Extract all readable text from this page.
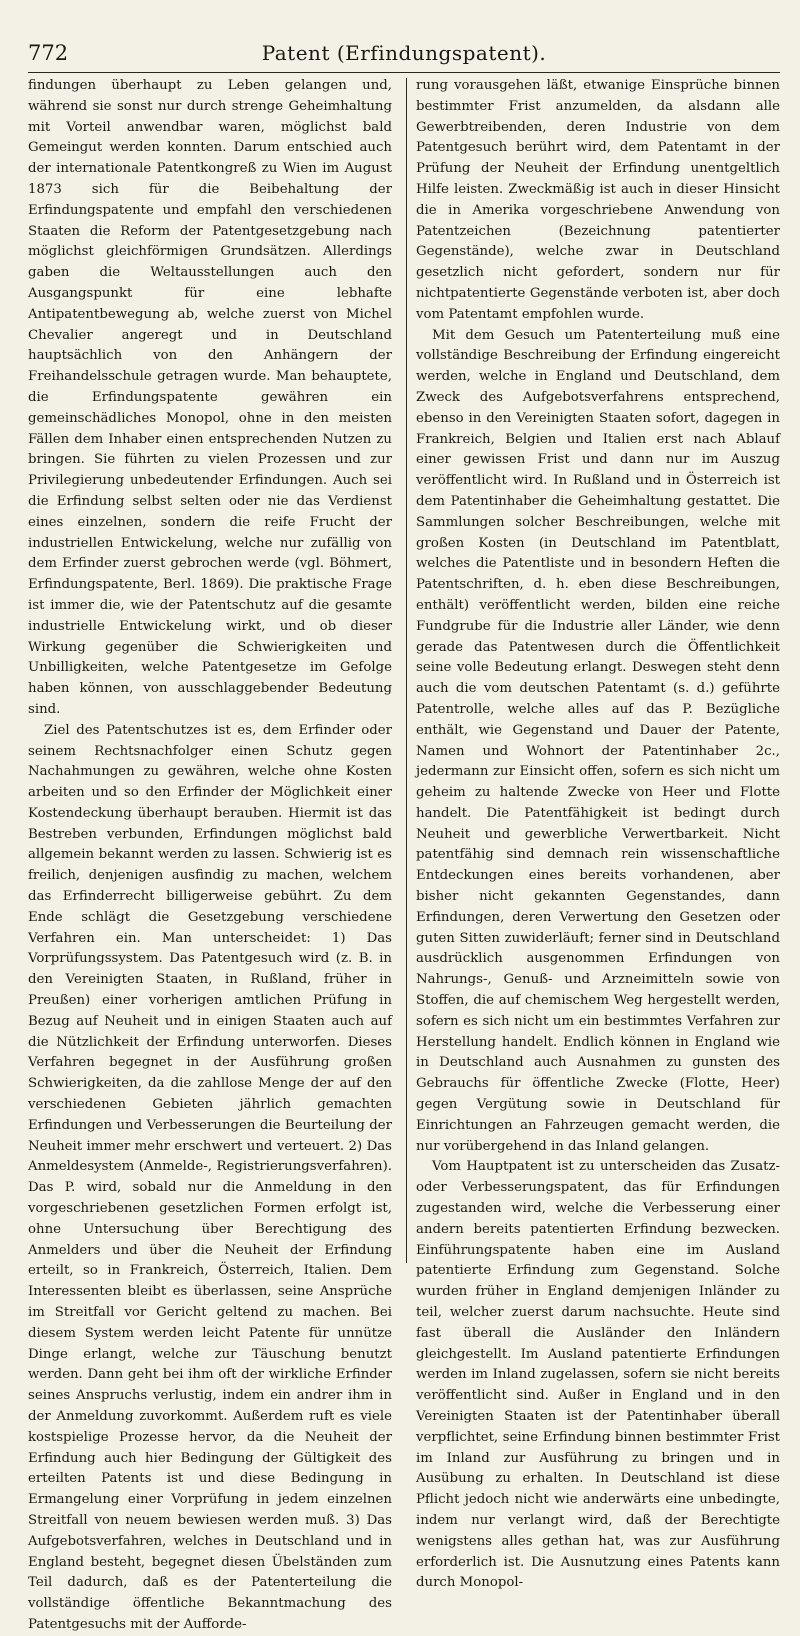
772	Patent (Erfindungspatent).

findungen überhaupt zu Leben gelangen und, während sie sonst nur durch strenge Geheimhaltung mit Vorteil anwendbar waren, möglichst bald Gemeingut werden konnten. Darum entschied auch der internationale Patentkongreß zu Wien im August 1873 sich für die Beibehaltung der Erfindungspatente und empfahl den verschiedenen Staaten die Reform der Patentgesetzgebung nach möglichst gleichförmigen Grundsätzen. Allerdings gaben die Weltausstellungen auch den Ausgangspunkt für eine lebhafte Antipatentbewegung ab, welche zuerst von Michel Chevalier angeregt und in Deutschland hauptsächlich von den Anhängern der Freihandelsschule getragen wurde. Man behauptete, die Erfindungspatente gewähren ein gemeinschädliches Monopol, ohne in den meisten Fällen dem Inhaber einen entsprechenden Nutzen zu bringen. Sie führten zu vielen Prozessen und zur Privilegierung unbedeutender Erfindungen. Auch sei die Erfindung selbst selten oder nie das Verdienst eines einzelnen, sondern die reife Frucht der industriellen Entwickelung, welche nur zufällig von dem Erfinder zuerst gebrochen werde (vgl. Böhmert, Erfindungspatente, Berl. 1869). Die praktische Frage ist immer die, wie der Patentschutz auf die gesamte industrielle Entwickelung wirkt, und ob dieser Wirkung gegenüber die Schwierigkeiten und Unbilligkeiten, welche Patentgesetze im Gefolge haben können, von ausschlaggebender Bedeutung sind.

Ziel des Patentschutzes ist es, dem Erfinder oder seinem Rechtsnachfolger einen Schutz gegen Nachahmungen zu gewähren, welche ohne Kosten arbeiten und so den Erfinder der Möglichkeit einer Kostendeckung überhaupt berauben. Hiermit ist das Bestreben verbunden, Erfindungen möglichst bald allgemein bekannt werden zu lassen. Schwierig ist es freilich, denjenigen ausfindig zu machen, welchem das Erfinderrecht billigerweise gebührt. Zu dem Ende schlägt die Gesetzgebung verschiedene Verfahren ein. Man unterscheidet: 1) Das Vorprüfungssystem. Das Patentgesuch wird (z. B. in den Vereinigten Staaten, in Rußland, früher in Preußen) einer vorherigen amtlichen Prüfung in Bezug auf Neuheit und in einigen Staaten auch auf die Nützlichkeit der Erfindung unterworfen. Dieses Verfahren begegnet in der Ausführung großen Schwierigkeiten, da die zahllose Menge der auf den verschiedenen Gebieten jährlich gemachten Erfindungen und Verbesserungen die Beurteilung der Neuheit immer mehr erschwert und verteuert. 2) Das Anmeldesystem (Anmelde-, Registrierungsverfahren). Das P. wird, sobald nur die Anmeldung in den vorgeschriebenen gesetzlichen Formen erfolgt ist, ohne Untersuchung über Berechtigung des Anmelders und über die Neuheit der Erfindung erteilt, so in Frankreich, Österreich, Italien. Dem Interessenten bleibt es überlassen, seine Ansprüche im Streitfall vor Gericht geltend zu machen. Bei diesem System werden leicht Patente für unnütze Dinge erlangt, welche zur Täuschung benutzt werden. Dann geht bei ihm oft der wirkliche Erfinder seines Anspruchs verlustig, indem ein andrer ihm in der Anmeldung zuvorkommt. Außerdem ruft es viele kostspielige Prozesse hervor, da die Neuheit der Erfindung auch hier Bedingung der Gültigkeit des erteilten Patents ist und diese Bedingung in Ermangelung einer Vorprüfung in jedem einzelnen Streitfall von neuem bewiesen werden muß. 3) Das Aufgebotsverfahren, welches in Deutschland und in England besteht, begegnet diesen Übelständen zum Teil dadurch, daß es der Patenterteilung die vollständige öffentliche Bekanntmachung des Patentgesuchs mit der Aufforde-

rung vorausgehen läßt, etwanige Einsprüche binnen bestimmter Frist anzumelden, da alsdann alle Gewerbtreibenden, deren Industrie von dem Patentgesuch berührt wird, dem Patentamt in der Prüfung der Neuheit der Erfindung unentgeltlich Hilfe leisten. Zweckmäßig ist auch in dieser Hinsicht die in Amerika vorgeschriebene Anwendung von Patentzeichen (Bezeichnung patentierter Gegenstände), welche zwar in Deutschland gesetzlich nicht gefordert, sondern nur für nichtpatentierte Gegenstände verboten ist, aber doch vom Patentamt empfohlen wurde.

Mit dem Gesuch um Patenterteilung muß eine vollständige Beschreibung der Erfindung eingereicht werden, welche in England und Deutschland, dem Zweck des Aufgebotsverfahrens entsprechend, ebenso in den Vereinigten Staaten sofort, dagegen in Frankreich, Belgien und Italien erst nach Ablauf einer gewissen Frist und dann nur im Auszug veröffentlicht wird. In Rußland und in Österreich ist dem Patentinhaber die Geheimhaltung gestattet. Die Sammlungen solcher Beschreibungen, welche mit großen Kosten (in Deutschland im Patentblatt, welches die Patentliste und in besondern Heften die Patentschriften, d. h. eben diese Beschreibungen, enthält) veröffentlicht werden, bilden eine reiche Fundgrube für die Industrie aller Länder, wie denn gerade das Patentwesen durch die Öffentlichkeit seine volle Bedeutung erlangt. Deswegen steht denn auch die vom deutschen Patentamt (s. d.) geführte Patentrolle, welche alles auf das P. Bezügliche enthält, wie Gegenstand und Dauer der Patente, Namen und Wohnort der Patentinhaber 2c., jedermann zur Einsicht offen, sofern es sich nicht um geheim zu haltende Zwecke von Heer und Flotte handelt. Die Patentfähigkeit ist bedingt durch Neuheit und gewerbliche Verwertbarkeit. Nicht patentfähig sind demnach rein wissenschaftliche Entdeckungen eines bereits vorhandenen, aber bisher nicht gekannten Gegenstandes, dann Erfindungen, deren Verwertung den Gesetzen oder guten Sitten zuwiderläuft; ferner sind in Deutschland ausdrücklich ausgenommen Erfindungen von Nahrungs-, Genuß- und Arzneimitteln sowie von Stoffen, die auf chemischem Weg hergestellt werden, sofern es sich nicht um ein bestimmtes Verfahren zur Herstellung handelt. Endlich können in England wie in Deutschland auch Ausnahmen zu gunsten des Gebrauchs für öffentliche Zwecke (Flotte, Heer) gegen Vergütung sowie in Deutschland für Einrichtungen an Fahrzeugen gemacht werden, die nur vorübergehend in das Inland gelangen.

Vom Hauptpatent ist zu unterscheiden das Zusatz- oder Verbesserungspatent, das für Erfindungen zugestanden wird, welche die Verbesserung einer andern bereits patentierten Erfindung bezwecken. Einführungspatente haben eine im Ausland patentierte Erfindung zum Gegenstand. Solche wurden früher in England demjenigen Inländer zu teil, welcher zuerst darum nachsuchte. Heute sind fast überall die Ausländer den Inländern gleichgestellt. Im Ausland patentierte Erfindungen werden im Inland zugelassen, sofern sie nicht bereits veröffentlicht sind. Außer in England und in den Vereinigten Staaten ist der Patentinhaber überall verpflichtet, seine Erfindung binnen bestimmter Frist im Inland zur Ausführung zu bringen und in Ausübung zu erhalten. In Deutschland ist diese Pflicht jedoch nicht wie anderwärts eine unbedingte, indem nur verlangt wird, daß der Berechtigte wenigstens alles gethan hat, was zur Ausführung erforderlich ist. Die Ausnutzung eines Patents kann durch Monopol-
